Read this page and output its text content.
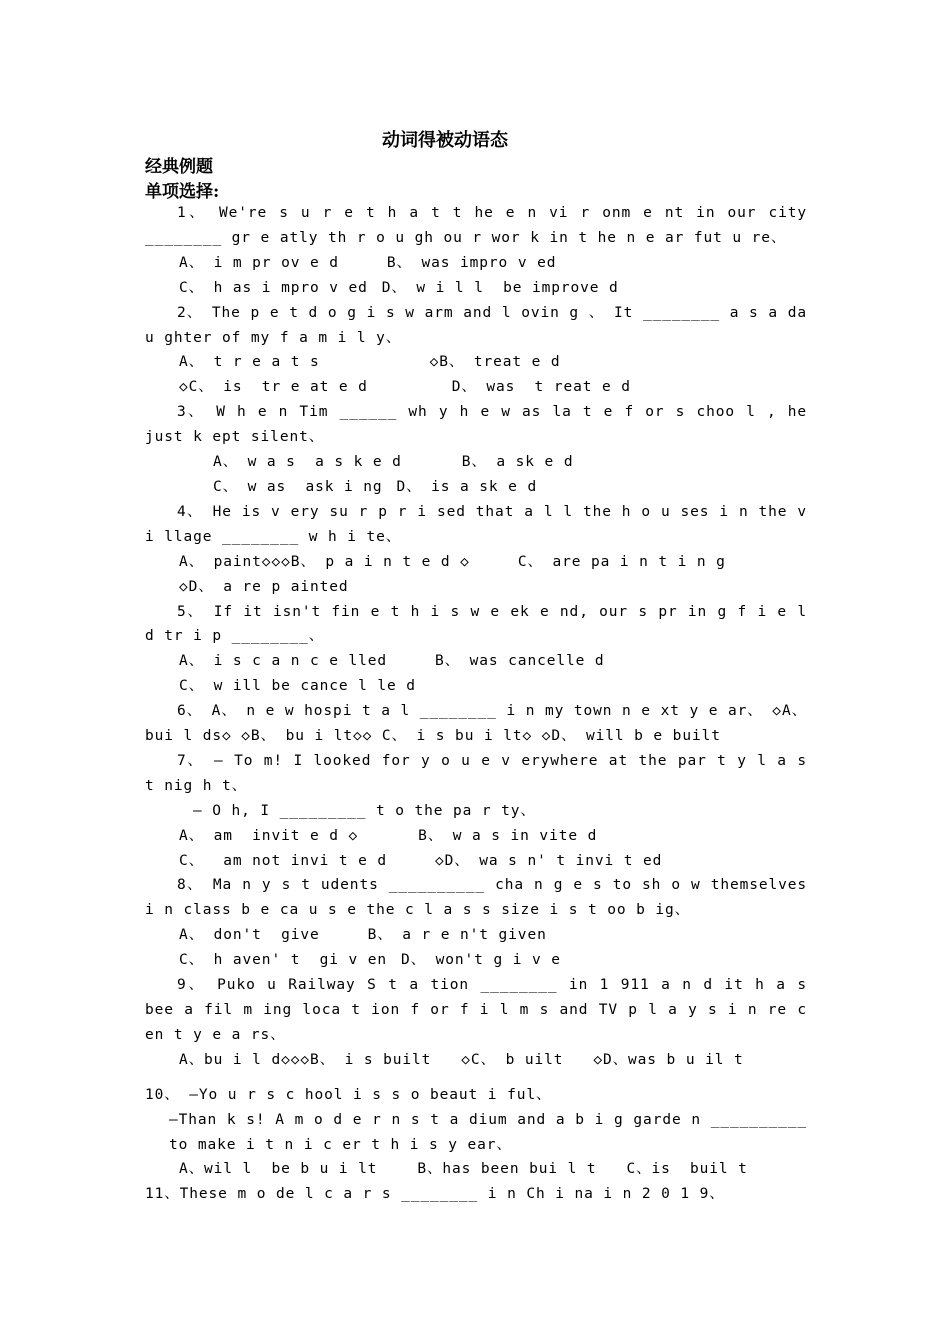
动词得被动语态
经典例题
单项选择:

1、 We're s u r e t h a t t he e n vi r onm e nt in our city ________ gr e atly th r o u gh ou r wor k in t he n e ar fut u re、

A、 i m pr ov e d	B、 was impro v ed
C、 h as i mpro v ed D、 w i l l  be improve d

2、 The p e t d o g i s w arm and l ovin g 、 It ________ a s a da u ghter of my f a m i l y、

A、 t r e a t s	◇B、 treat e d
◇C、 is  tr e at e d	D、 was  t reat e d

3、 W h e n Tim ______ wh y h e w as la t e f or s choo l , he just k ept silent、

A、 w a s  a s k e d	B、 a sk e d
C、 w as  ask i ng D、 is a sk e d

4、 He is v ery su r p r i sed that a l l the h o u ses i n the v i llage ________ w h i te、

A、 paint◇◇◇B、 p a i n t e d ◇	C、 are pa i n t i n g
◇D、 a re p ainted

5、 If it isn't fin e t h i s w e ek e nd, our s pr in g f i e l d tr i p ________、

A、 i s c a n c e lled	B、 was cancelle d
C、 w ill be cance l le d

6、 A、 n e w hospi t a l ________ i n my town n e xt y e ar、 ◇A、 bui l ds◇ ◇B、 bu i lt◇◇ C、 i s bu i lt◇ ◇D、 will b e built

7、 — To m! I looked for y o u e v erywhere at the par t y l a s t nig h t、

— O h, I _________ t o the pa r ty、

A、 am  invit e d ◇	B、 w a s in vite d
C、  am not invi t e d	◇D、 wa s n' t invi t ed

8、 Ma n y s t udents __________ cha n g e s to sh o w themselves i n class b e ca u s e the c l a s s size i s t oo b ig、

A、 don't  give	B、 a r e n't given
C、 h aven' t  gi v en D、 won't g i v e

9、 Puko u Railway S t a tion ________ in 1 911 a n d it h a s bee a fil m ing loca t ion f or f i l m s and TV p l a y s i n re c en t y e a rs、

A、bu i l d◇◇◇B、 i s built ◇C、 b uilt ◇D、was b u il t

10、 —Yo u r s c hool i s s o beaut i ful、

—Than k s! A m o d e r n s t a dium and a b i g garde n __________ to make i t n i c er t h i s y ear、

A、wil l  be b u i lt	B、has been bui l t C、is  buil t

11、These m o de l c a r s ________ i n Ch i na i n 2 0 1 9、
